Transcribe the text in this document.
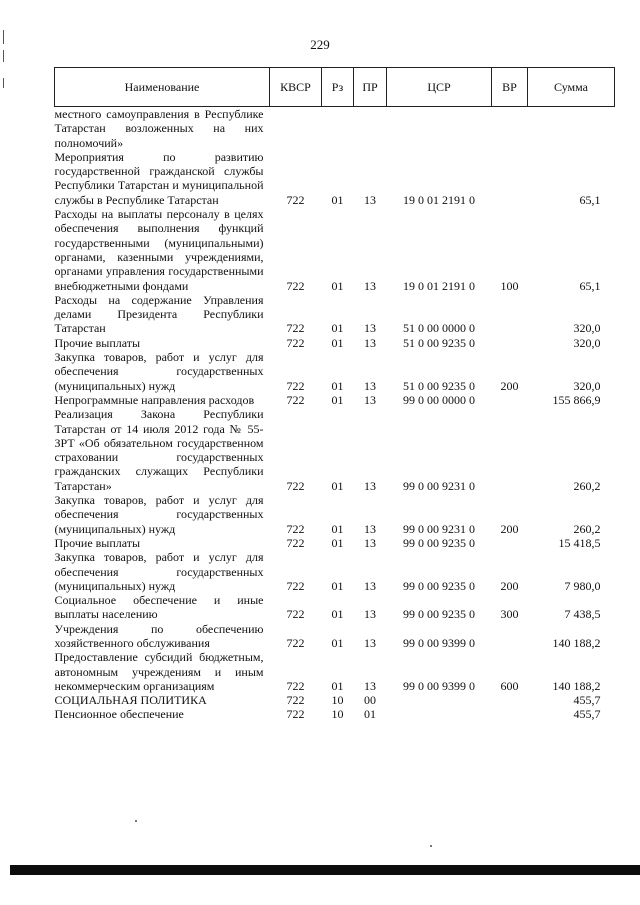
229
Наименование	КВСР	Рз	ПР	ЦСР	ВР	Сумма
местного самоуправления в Республике Татарстан возложенных на них полномочий»						
Мероприятия по развитию государственной гражданской службы Республики Татарстан и муниципальной службы в Республике Татарстан	722	01	13	19 0 01 2191 0		65,1
Расходы на выплаты персоналу в целях обеспечения выполнения функций государственными (муниципальными) органами, казенными учреждениями, органами управления государственными внебюджетными фондами	722	01	13	19 0 01 2191 0	100	65,1
Расходы на содержание Управления делами Президента Республики Татарстан	722	01	13	51 0 00 0000 0		320,0
Прочие выплаты	722	01	13	51 0 00 9235 0		320,0
Закупка товаров, работ и услуг для обеспечения государственных (муниципальных) нужд	722	01	13	51 0 00 9235 0	200	320,0
Непрограммные направления расходов	722	01	13	99 0 00 0000 0		155 866,9
Реализация Закона Республики Татарстан от 14 июля 2012 года № 55-ЗРТ «Об обязательном государственном страховании государственных гражданских служащих Республики Татарстан»	722	01	13	99 0 00 9231 0		260,2
Закупка товаров, работ и услуг для обеспечения государственных (муниципальных) нужд	722	01	13	99 0 00 9231 0	200	260,2
Прочие выплаты	722	01	13	99 0 00 9235 0		15 418,5
Закупка товаров, работ и услуг для обеспечения государственных (муниципальных) нужд	722	01	13	99 0 00 9235 0	200	7 980,0
Социальное обеспечение и иные выплаты населению	722	01	13	99 0 00 9235 0	300	7 438,5
Учреждения по обеспечению хозяйственного обслуживания	722	01	13	99 0 00 9399 0		140 188,2
Предоставление субсидий бюджетным, автономным учреждениям и иным некоммерческим организациям	722	01	13	99 0 00 9399 0	600	140 188,2
СОЦИАЛЬНАЯ ПОЛИТИКА	722	10	00			455,7
Пенсионное обеспечение	722	10	01			455,7
